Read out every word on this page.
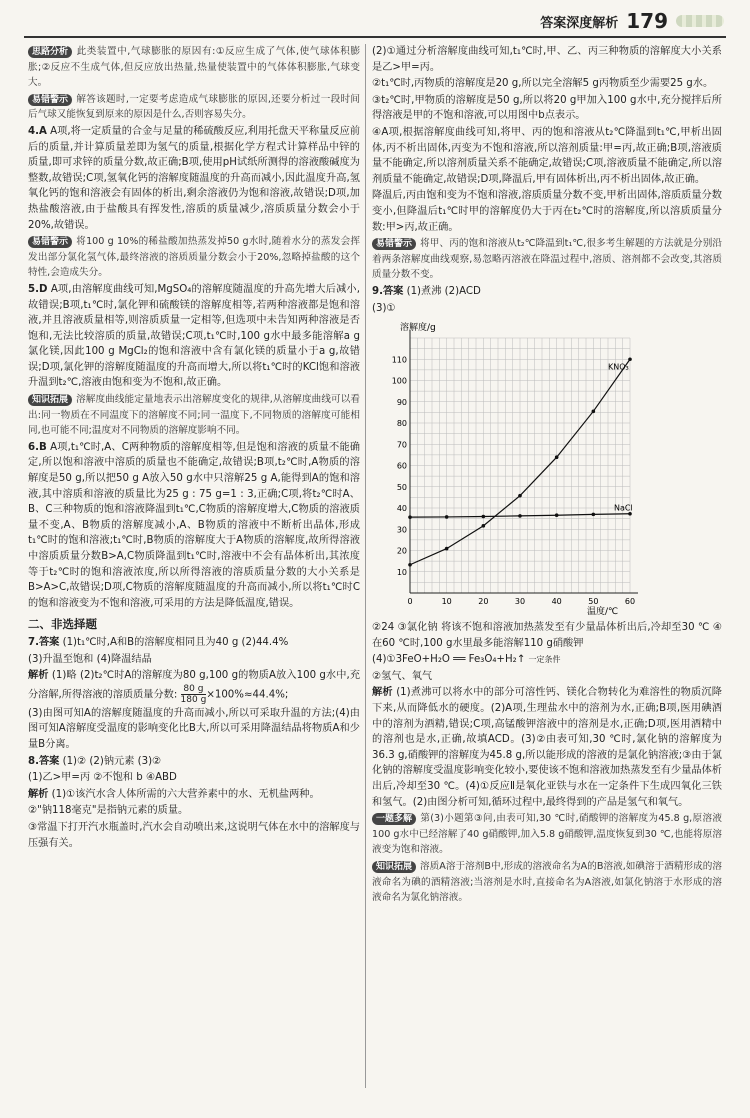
答案深度解析 179

思路分析 此类装置中,气球膨胀的原因有:①反应生成了气体,使气球体积膨胀;②反应不生成气体,但反应放出热量,热量使装置中的气体体积膨胀,气球变大。

易错警示 解答该题时,一定要考虑造成气球膨胀的原因,还要分析过一段时间后气球又能恢复到原来的原因是什么,否则容易失分。

4.A A项,将一定质量的合金与足量的稀硫酸反应,利用托盘天平称量反应前后的质量,并计算质量差即为氢气的质量,根据化学方程式计算样品中锌的质量,即可求锌的质量分数,故正确;B项,使用pH试纸所测得的溶液酸碱度为整数,故错误;C项,氢氧化钙的溶解度随温度的升高而减小,因此温度升高,氢氧化钙的饱和溶液会有固体的析出,剩余溶液仍为饱和溶液,故错误;D项,加热盐酸溶液,由于盐酸具有挥发性,溶质的质量减少,溶质质量分数会小于20%,故错误。

易错警示 将100 g 10%的稀盐酸加热蒸发掉50 g水时,随着水分的蒸发会挥发出部分氯化氢气体,最终溶液的溶质质量分数会小于20%,忽略掉盐酸的这个特性,会造成失分。

5.D A项,由溶解度曲线可知,MgSO₄的溶解度随温度的升高先增大后减小,故错误;B项,t₁℃时,氯化钾和硫酸镁的溶解度相等,若两种溶液都是饱和溶液,并且溶液质量相等,则溶质质量一定相等,但选项中未告知两种溶液是否饱和,无法比较溶质的质量,故错误;C项,t₁℃时,100 g水中最多能溶解a g氯化镁,因此100 g MgCl₂的饱和溶液中含有氯化镁的质量小于a g,故错误;D项,氯化钾的溶解度随温度的升高而增大,所以将t₁℃时的KCl饱和溶液升温到t₂℃,溶液由饱和变为不饱和,故正确。

知识拓展 溶解度曲线能定量地表示出溶解度变化的规律,从溶解度曲线可以看出:同一物质在不同温度下的溶解度不同;同一温度下,不同物质的溶解度可能相同,也可能不同;温度对不同物质的溶解度影响不同。

6.B A项,t₁℃时,A、C两种物质的溶解度相等,但是饱和溶液的质量不能确定,所以饱和溶液中溶质的质量也不能确定,故错误;B项,t₂℃时,A物质的溶解度是50 g,所以把50 g A放入50 g水中只溶解25 g A,能得到A的饱和溶液,其中溶质和溶液的质量比为25 g : 75 g=1 : 3,正确;C项,将t₂℃时A、B、C三种物质的饱和溶液降温到t₁℃,C物质的溶解度增大,C物质的溶液质量不变,A、B物质的溶解度减小,A、B物质的溶液中不断析出晶体,形成t₁℃时的饱和溶液;t₁℃时,B物质的溶解度大于A物质的溶解度,故所得溶液中溶质质量分数B>A,C物质降温到t₁℃时,溶液中不会有晶体析出,其浓度等于t₂℃时的饱和溶液浓度,所以所得溶液的溶质质量分数的大小关系是B>A>C,故错误;D项,C物质的溶解度随温度的升高而减小,所以将t₁℃时C的饱和溶液变为不饱和溶液,可采用的方法是降低温度,错误。

二、非选择题

7.答案 (1)t₁℃时,A和B的溶解度相同且为40 g (2)44.4%

(3)升温至饱和 (4)降温结晶

解析 (1)略 (2)t₂℃时A的溶解度为80 g,100 g的物质A放入100 g水中,充分溶解,所得溶液的溶质质量分数: $\frac{80 g}{180 g}\times 100\%\approx 44.4\%$;

(3)由图可知A的溶解度随温度的升高而减小,所以可采取升温的方法;(4)由图可知A溶解度受温度的影响变化比B大,所以可采用降温结晶将物质A和少量B分离。

8.答案 (1)② (2)钠元素 (3)②

(1)乙>甲=丙 ②不饱和 b ④ABD

解析 (1)①该汽水含人体所需的六大营养素中的水、无机盐两种。

②"钠118毫克"是指钠元素的质量。

③常温下打开汽水瓶盖时,汽水会自动喷出来,这说明气体在水中的溶解度与压强有关。

(2)①通过分析溶解度曲线可知,t₁℃时,甲、乙、丙三种物质的溶解度大小关系是乙>甲=丙。

②t₁℃时,丙物质的溶解度是20 g,所以完全溶解5 g丙物质至少需要25 g水。

③t₂℃时,甲物质的溶解度是50 g,所以将20 g甲加入100 g水中,充分搅拌后所得溶液是甲的不饱和溶液,可以用图中b点表示。

④A项,根据溶解度曲线可知,将甲、丙的饱和溶液从t₂℃降温到t₁℃,甲析出固体,丙不析出固体,丙变为不饱和溶液,所以溶剂质量:甲=丙,故正确;B项,溶液质量不能确定,所以溶剂质量关系不能确定,故错误;C项,溶液质量不能确定,所以溶剂质量不能确定,故错误;D项,降温后,甲有固体析出,丙不析出固体,故正确。

降温后,丙由饱和变为不饱和溶液,溶质质量分数不变,甲析出固体,溶质质量分数变小,但降温后t₁℃时甲的溶解度仍大于丙在t₂℃时的溶解度,所以溶质质量分数:甲>丙,故正确。

易错警示 将甲、丙的饱和溶液从t₂℃降温到t₁℃,很多考生解题的方法就是分别沿着两条溶解度曲线观察,易忽略丙溶液在降温过程中,溶质、溶剂都不会改变,其溶质质量分数不变。

9.答案 (1)煮沸 (2)ACD

(3)①

0	10	20	30	40	50	60
10
20
30
40
50
60
70
80
90
100
110
KNO₃
NaCl
溶解度/g
温度/℃

②24 ③氯化钠 将该不饱和溶液加热蒸发至有少量晶体析出后,冷却至30 ℃ ④在60 ℃时,100 g水里最多能溶解110 g硝酸钾

(4)①3FeO+H₂O ══ Fe₃O₄+H₂↑ 一定条件

②氢气、氧气

解析 (1)煮沸可以将水中的部分可溶性钙、镁化合物转化为难溶性的物质沉降下来,从而降低水的硬度。(2)A项,生理盐水中的溶剂为水,正确;B项,医用碘酒中的溶剂为酒精,错误;C项,高锰酸钾溶液中的溶剂是水,正确;D项,医用酒精中的溶剂也是水,正确,故填ACD。(3)②由表可知,30 ℃时,氯化钠的溶解度为36.3 g,硝酸钾的溶解度为45.8 g,所以能形成的溶液的是氯化钠溶液;③由于氯化钠的溶解度受温度影响变化较小,要使该不饱和溶液加热蒸发至有少量晶体析出后,冷却至30 ℃。(4)①反应Ⅱ是氧化亚铁与水在一定条件下生成四氧化三铁和氢气。(2)由图分析可知,循环过程中,最终得到的产品是氢气和氧气。

一题多解 第(3)小题第③问,由表可知,30 ℃时,硝酸钾的溶解度为45.8 g,原溶液100 g水中已经溶解了40 g硝酸钾,加入5.8 g硝酸钾,温度恢复到30 ℃,也能将原溶液变为饱和溶液。

知识拓展 溶质A溶于溶剂B中,形成的溶液命名为A的B溶液,如碘溶于酒精形成的溶液命名为碘的酒精溶液;当溶剂是水时,直接命名为A溶液,如氯化钠溶于水形成的溶液命名为氯化钠溶液。
